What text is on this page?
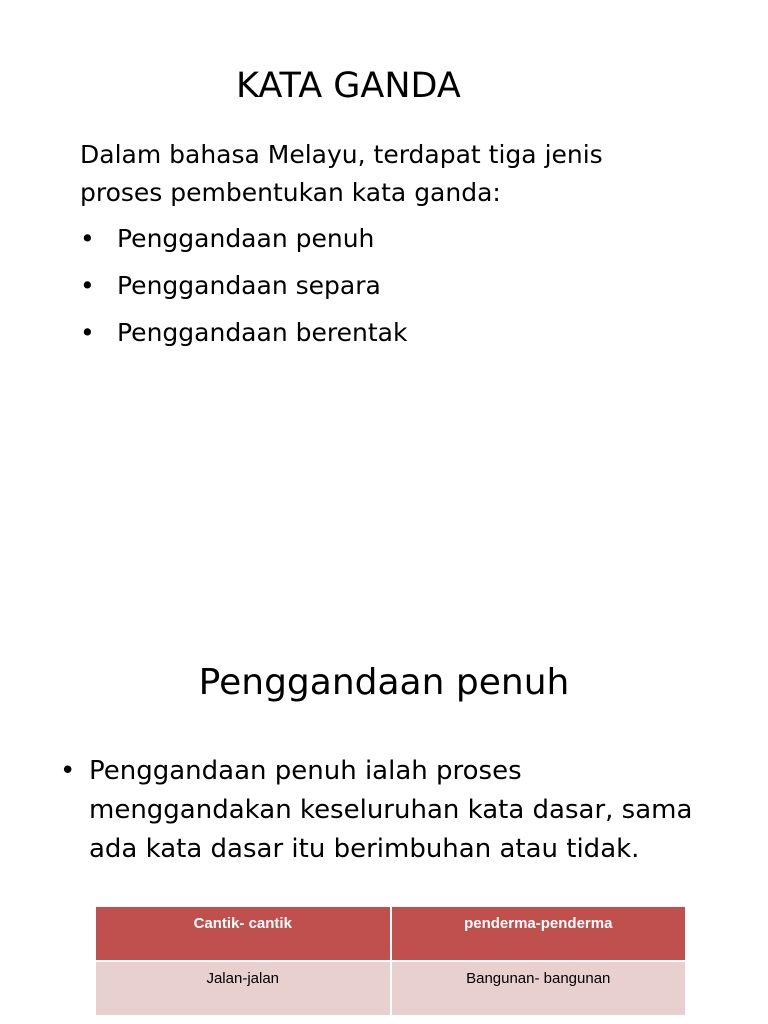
KATA GANDA
Dalam bahasa Melayu, terdapat tiga jenis proses pembentukan kata ganda:
• Penggandaan penuh
• Penggandaan separa
• Penggandaan berentak
Penggandaan penuh
• Penggandaan penuh ialah proses menggandakan keseluruhan kata dasar, sama ada kata dasar itu berimbuhan atau tidak.
Cantik- cantik	penderma-penderma
Jalan-jalan	Bangunan- bangunan
